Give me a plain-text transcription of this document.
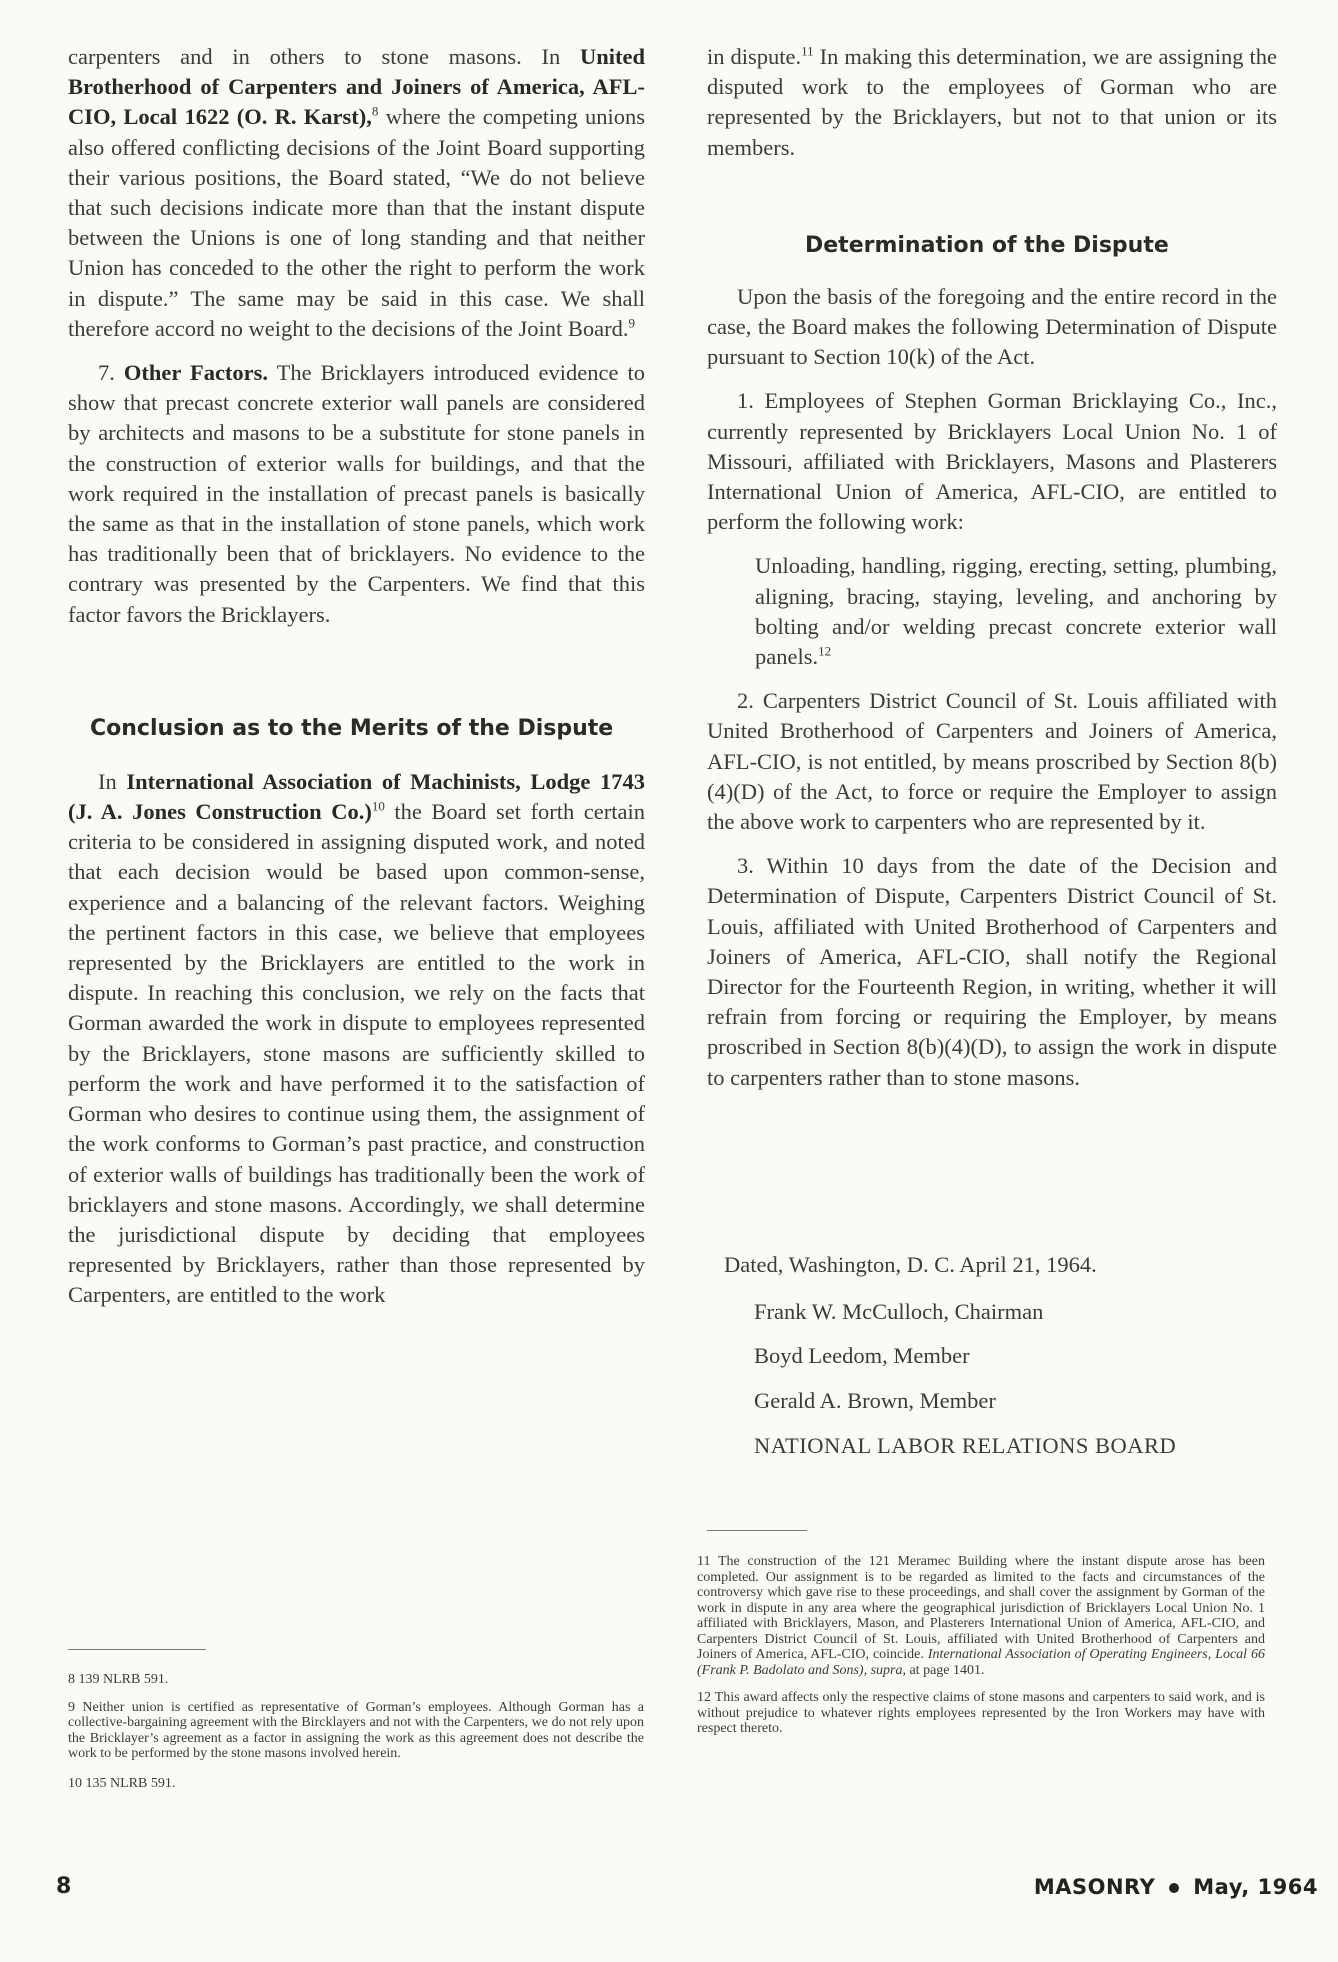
carpenters and in others to stone masons. In United Brotherhood of Carpenters and Joiners of America, AFL-CIO, Local 1622 (O. R. Karst),$^8$ where the competing unions also offered conflicting decisions of the Joint Board supporting their various positions, the Board stated, “We do not believe that such decisions indicate more than that the instant dispute between the Unions is one of long standing and that neither Union has conceded to the other the right to perform the work in dispute.” The same may be said in this case. We shall therefore accord no weight to the decisions of the Joint Board.$^9$

7. Other Factors. The Bricklayers introduced evidence to show that precast concrete exterior wall panels are considered by architects and masons to be a substitute for stone panels in the construction of exterior walls for buildings, and that the work required in the installation of precast panels is basically the same as that in the installation of stone panels, which work has traditionally been that of bricklayers. No evidence to the contrary was presented by the Carpenters. We find that this factor favors the Bricklayers.

Conclusion as to the Merits of the Dispute

In International Association of Machinists, Lodge 1743 (J. A. Jones Construction Co.)$^{10}$ the Board set forth certain criteria to be considered in assigning disputed work, and noted that each decision would be based upon common-sense, experience and a balancing of the relevant factors. Weighing the pertinent factors in this case, we believe that employees represented by the Bricklayers are entitled to the work in dispute. In reaching this conclusion, we rely on the facts that Gorman awarded the work in dispute to employees represented by the Bricklayers, stone masons are sufficiently skilled to perform the work and have performed it to the satisfaction of Gorman who desires to continue using them, the assignment of the work conforms to Gorman’s past practice, and construction of exterior walls of buildings has traditionally been the work of bricklayers and stone masons. Accordingly, we shall determine the jurisdictional dispute by deciding that employees represented by Bricklayers, rather than those represented by Carpenters, are entitled to the work

8 139 NLRB 591.

9 Neither union is certified as representative of Gorman’s employees. Although Gorman has a collective-bargaining agreement with the Bircklayers and not with the Carpenters, we do not rely upon the Bricklayer’s agreement as a factor in assigning the work as this agreement does not describe the work to be performed by the stone masons involved herein.

10 135 NLRB 591.

in dispute.$^{11}$ In making this determination, we are assigning the disputed work to the employees of Gorman who are represented by the Bricklayers, but not to that union or its members.

Determination of the Dispute

Upon the basis of the foregoing and the entire record in the case, the Board makes the following Determination of Dispute pursuant to Section 10(k) of the Act.

1. Employees of Stephen Gorman Bricklaying Co., Inc., currently represented by Bricklayers Local Union No. 1 of Missouri, affiliated with Bricklayers, Masons and Plasterers International Union of America, AFL-CIO, are entitled to perform the following work:

Unloading, handling, rigging, erecting, setting, plumbing, aligning, bracing, staying, leveling, and anchoring by bolting and/or welding precast concrete exterior wall panels.$^{12}$

2. Carpenters District Council of St. Louis affiliated with United Brotherhood of Carpenters and Joiners of America, AFL-CIO, is not entitled, by means proscribed by Section 8(b)(4)(D) of the Act, to force or require the Employer to assign the above work to carpenters who are represented by it.

3. Within 10 days from the date of the Decision and Determination of Dispute, Carpenters District Council of St. Louis, affiliated with United Brotherhood of Carpenters and Joiners of America, AFL-CIO, shall notify the Regional Director for the Fourteenth Region, in writing, whether it will refrain from forcing or requiring the Employer, by means proscribed in Section 8(b)(4)(D), to assign the work in dispute to carpenters rather than to stone masons.

Dated, Washington, D. C. April 21, 1964.

Frank W. McCulloch, Chairman

Boyd Leedom, Member

Gerald A. Brown, Member

NATIONAL LABOR RELATIONS BOARD

11 The construction of the 121 Meramec Building where the instant dispute arose has been completed. Our assignment is to be regarded as limited to the facts and circumstances of the controversy which gave rise to these proceedings, and shall cover the assignment by Gorman of the work in dispute in any area where the geographical jurisdiction of Bricklayers Local Union No. 1 affiliated with Bricklayers, Mason, and Plasterers International Union of America, AFL-CIO, and Carpenters District Council of St. Louis, affiliated with United Brotherhood of Carpenters and Joiners of America, AFL-CIO, coincide. International Association of Operating Engineers, Local 66 (Frank P. Badolato and Sons), supra, at page 1401.

12 This award affects only the respective claims of stone masons and carpenters to said work, and is without prejudice to whatever rights employees represented by the Iron Workers may have with respect thereto.

8	MASONRY May, 1964
